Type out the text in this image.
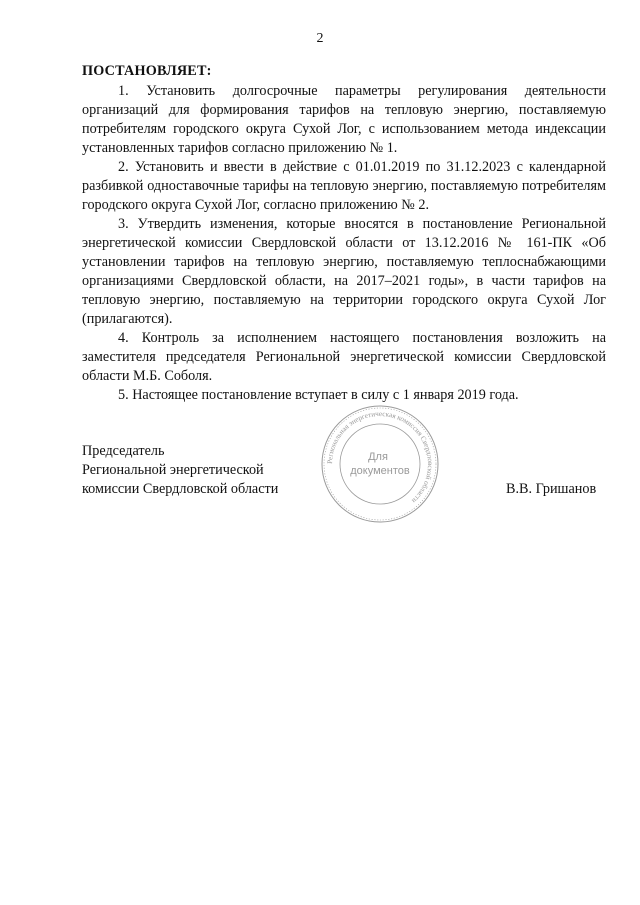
2

ПОСТАНОВЛЯЕТ:

1. Установить долгосрочные параметры регулирования деятельности организаций для формирования тарифов на тепловую энергию, поставляемую потребителям городского округа Сухой Лог, с использованием метода индексации установленных тарифов согласно приложению № 1.

2. Установить и ввести в действие с 01.01.2019 по 31.12.2023 с календарной разбивкой одноставочные тарифы на тепловую энергию, поставляемую потребителям городского округа Сухой Лог, согласно приложению № 2.

3. Утвердить изменения, которые вносятся в постановление Региональной энергетической комиссии Свердловской области от 13.12.2016 № 161-ПК «Об установлении тарифов на тепловую энергию, поставляемую теплоснабжающими организациями Свердловской области, на 2017–2021 годы», в части тарифов на тепловую энергию, поставляемую на территории городского округа Сухой Лог (прилагаются).

4. Контроль за исполнением настоящего постановления возложить на заместителя председателя Региональной энергетической комиссии Свердловской области М.Б. Соболя.

5. Настоящее постановление вступает в силу с 1 января 2019 года.

Председатель
Региональной энергетической
комиссии Свердловской области
Региональная энергетическая комиссия Свердловской области
Для
документов
В.В. Гришанов
